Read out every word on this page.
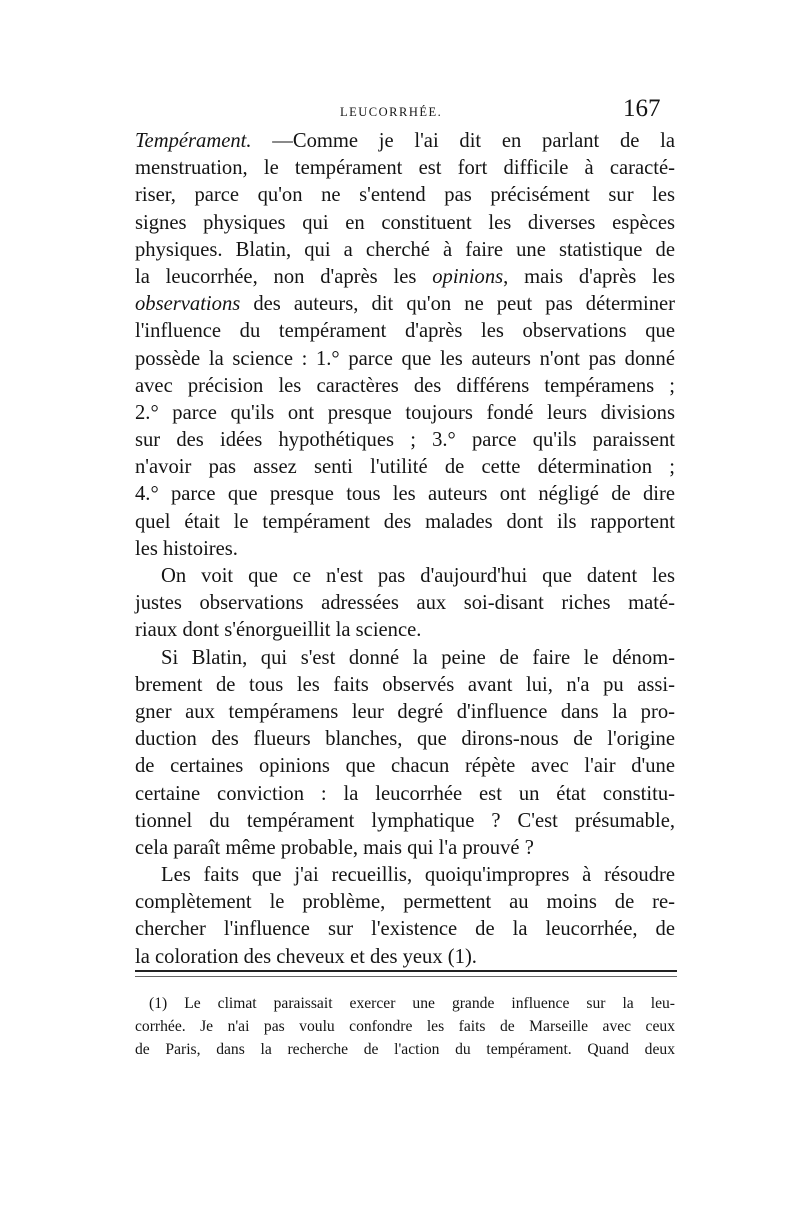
LEUCORRHÉE.	167
Tempérament. —Comme je l'ai dit en parlant de la
menstruation, le tempérament est fort difficile à caracté-
riser, parce qu'on ne s'entend pas précisément sur les
signes physiques qui en constituent les diverses espèces
physiques. Blatin, qui a cherché à faire une statistique de
la leucorrhée, non d'après les opinions, mais d'après les
observations des auteurs, dit qu'on ne peut pas déterminer
l'influence du tempérament d'après les observations que
possède la science : 1.° parce que les auteurs n'ont pas donné
avec précision les caractères des différens tempéramens ;
2.° parce qu'ils ont presque toujours fondé leurs divisions
sur des idées hypothétiques ; 3.° parce qu'ils paraissent
n'avoir pas assez senti l'utilité de cette détermination ;
4.° parce que presque tous les auteurs ont négligé de dire
quel était le tempérament des malades dont ils rapportent
les histoires.
On voit que ce n'est pas d'aujourd'hui que datent les
justes observations adressées aux soi-disant riches maté-
riaux dont s'énorgueillit la science.
Si Blatin, qui s'est donné la peine de faire le dénom-
brement de tous les faits observés avant lui, n'a pu assi-
gner aux tempéramens leur degré d'influence dans la pro-
duction des flueurs blanches, que dirons-nous de l'origine
de certaines opinions que chacun répète avec l'air d'une
certaine conviction : la leucorrhée est un état constitu-
tionnel du tempérament lymphatique ? C'est présumable,
cela paraît même probable, mais qui l'a prouvé ?
Les faits que j'ai recueillis, quoiqu'impropres à résoudre
complètement le problème, permettent au moins de re-
chercher l'influence sur l'existence de la leucorrhée, de
la coloration des cheveux et des yeux (1).
(1) Le climat paraissait exercer une grande influence sur la leu-
corrhée. Je n'ai pas voulu confondre les faits de Marseille avec ceux
de Paris, dans la recherche de l'action du tempérament. Quand deux
